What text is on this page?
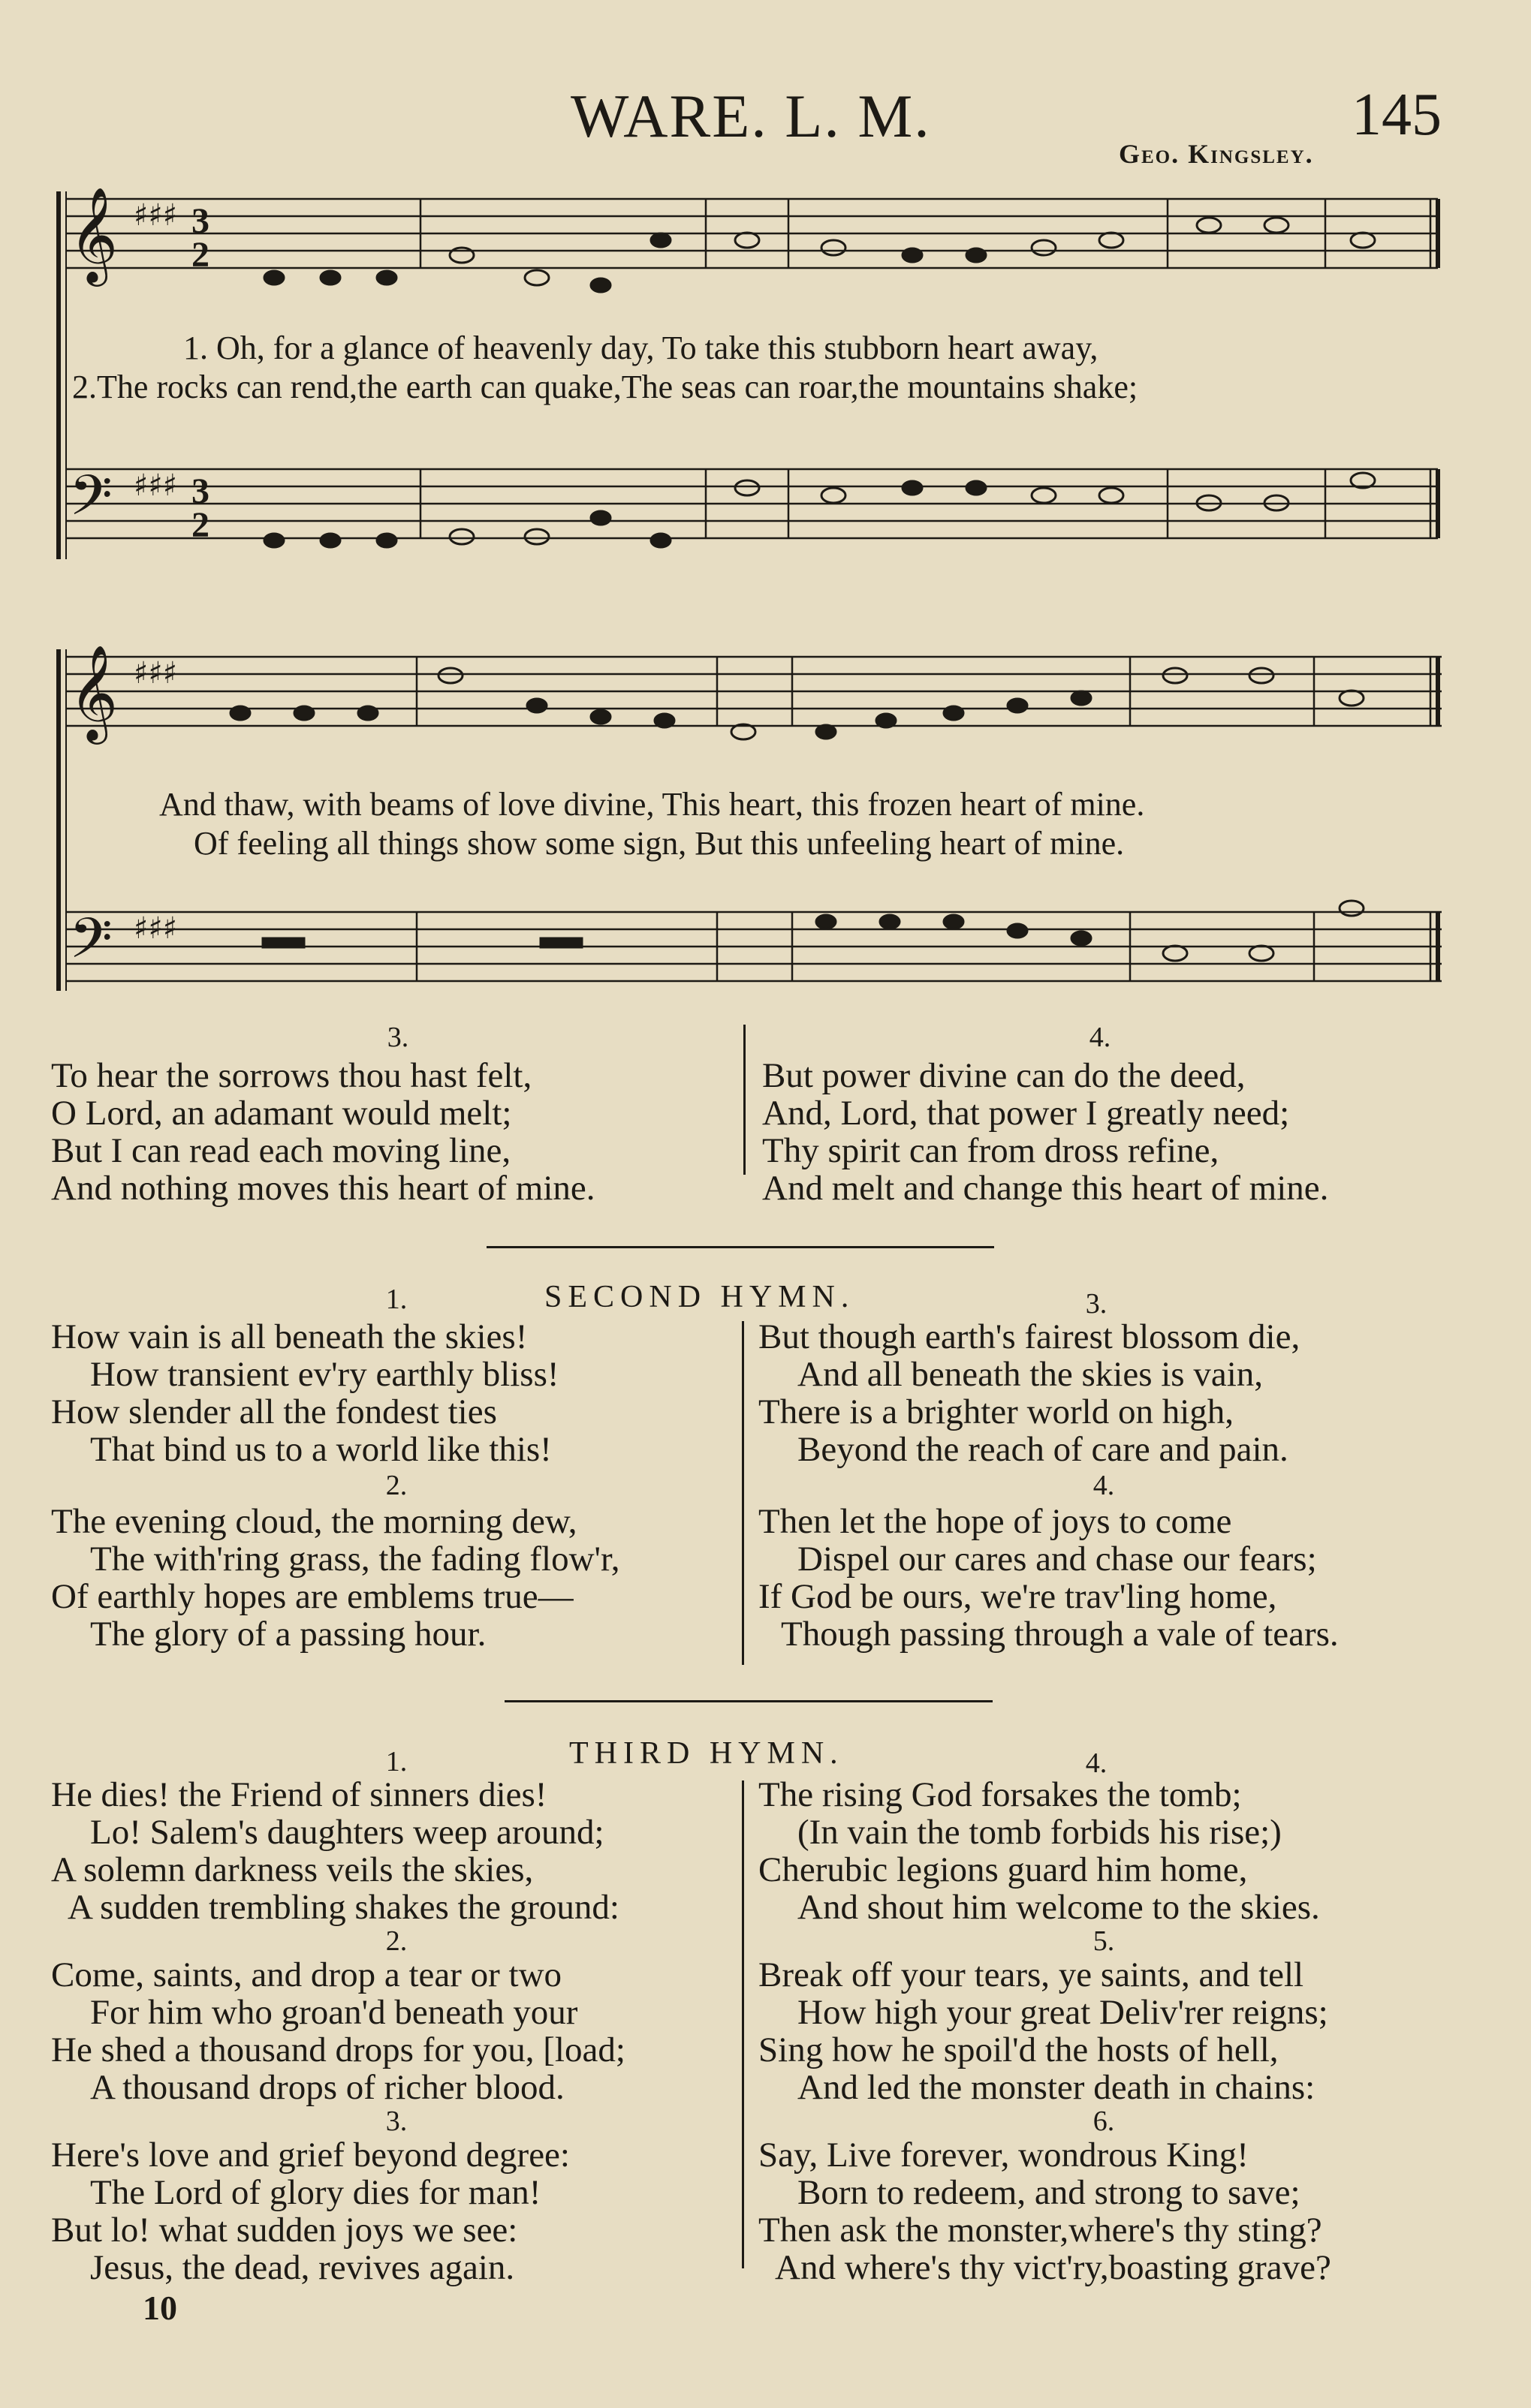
WARE. L. M.	145
Geo. Kingsley.
𝄞 ♯♯♯ 3
2
𝄢 ♯♯♯ 3
2
1. Oh, for a glance of heavenly day, To take this stubborn heart away,
2.The rocks can rend,the earth can quake,The seas can roar,the mountains shake;
𝄞 ♯♯♯
𝄢 ♯♯♯
And thaw, with beams of love divine, This heart, this frozen heart of mine.
Of feeling all things show some sign, But this unfeeling heart of mine.
3.	4.
To hear the sorrows thou hast felt,
O Lord, an adamant would melt;
But I can read each moving line,
And nothing moves this heart of mine.
But power divine can do the deed,
And, Lord, that power I greatly need;
Thy spirit can from dross refine,
And melt and change this heart of mine.
1.	SECOND HYMN.	3.
How vain is all beneath the skies!
How transient ev'ry earthly bliss!
How slender all the fondest ties
That bind us to a world like this!
2.
The evening cloud, the morning dew,
The with'ring grass, the fading flow'r,
Of earthly hopes are emblems true—
The glory of a passing hour.
But though earth's fairest blossom die,
And all beneath the skies is vain,
There is a brighter world on high,
Beyond the reach of care and pain.
4.
Then let the hope of joys to come
Dispel our cares and chase our fears;
If God be ours, we're trav'ling home,
Though passing through a vale of tears.
1.	THIRD HYMN.	4.
He dies! the Friend of sinners dies!
Lo! Salem's daughters weep around;
A solemn darkness veils the skies,
A sudden trembling shakes the ground:
2.
Come, saints, and drop a tear or two
For him who groan'd beneath your
He shed a thousand drops for you, [load;
A thousand drops of richer blood.
3.
Here's love and grief beyond degree:
The Lord of glory dies for man!
But lo! what sudden joys we see:
Jesus, the dead, revives again.
The rising God forsakes the tomb;
(In vain the tomb forbids his rise;)
Cherubic legions guard him home,
And shout him welcome to the skies.
5.
Break off your tears, ye saints, and tell
How high your great Deliv'rer reigns;
Sing how he spoil'd the hosts of hell,
And led the monster death in chains:
6.
Say, Live forever, wondrous King!
Born to redeem, and strong to save;
Then ask the monster,where's thy sting?
And where's thy vict'ry,boasting grave?
10
